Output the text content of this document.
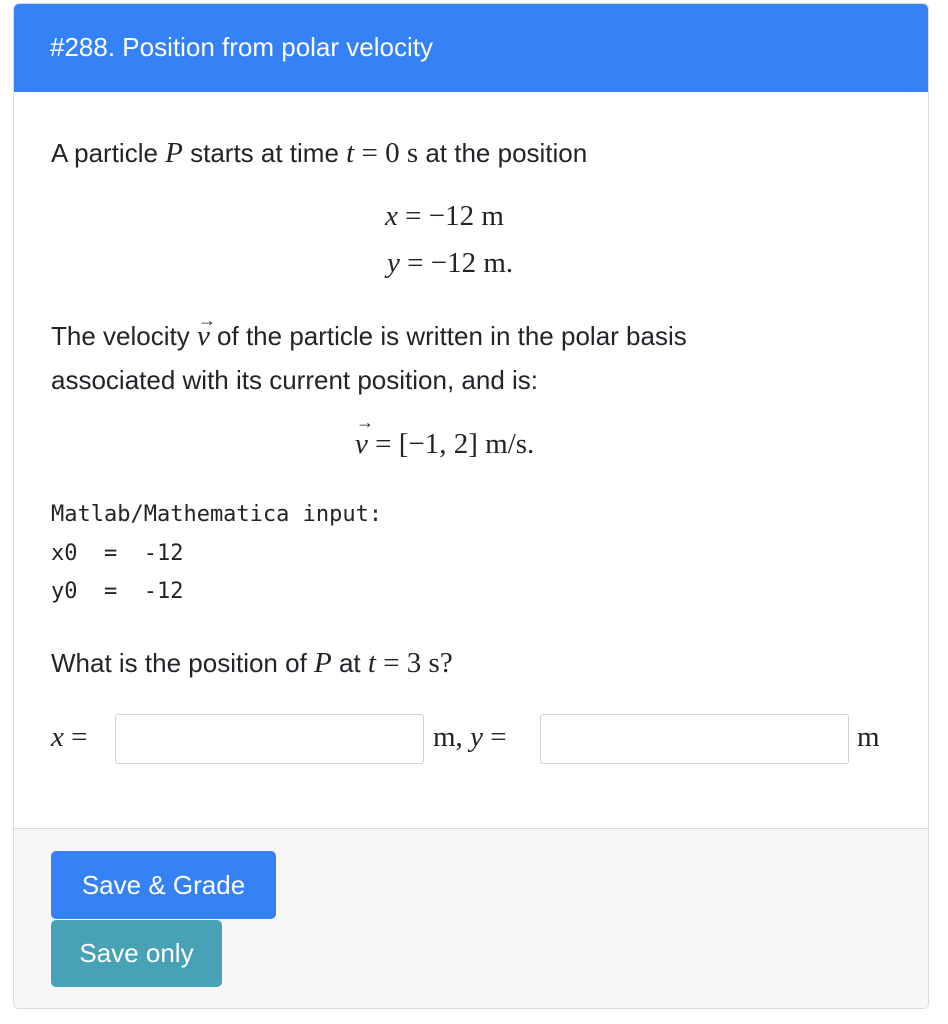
#288. Position from polar velocity
A particle P starts at time t = 0 s at the position
x = −12 m
y = −12 m.
The velocity → v of the particle is written in the polar basis
associated with its current position, and is:
→ v = [−1, 2] m/s.
Matlab/Mathematica input:
x0  =  -12
y0  =  -12
What is the position of P at t = 3 s?
x =	m, y =	m
Save & Grade
Save only
